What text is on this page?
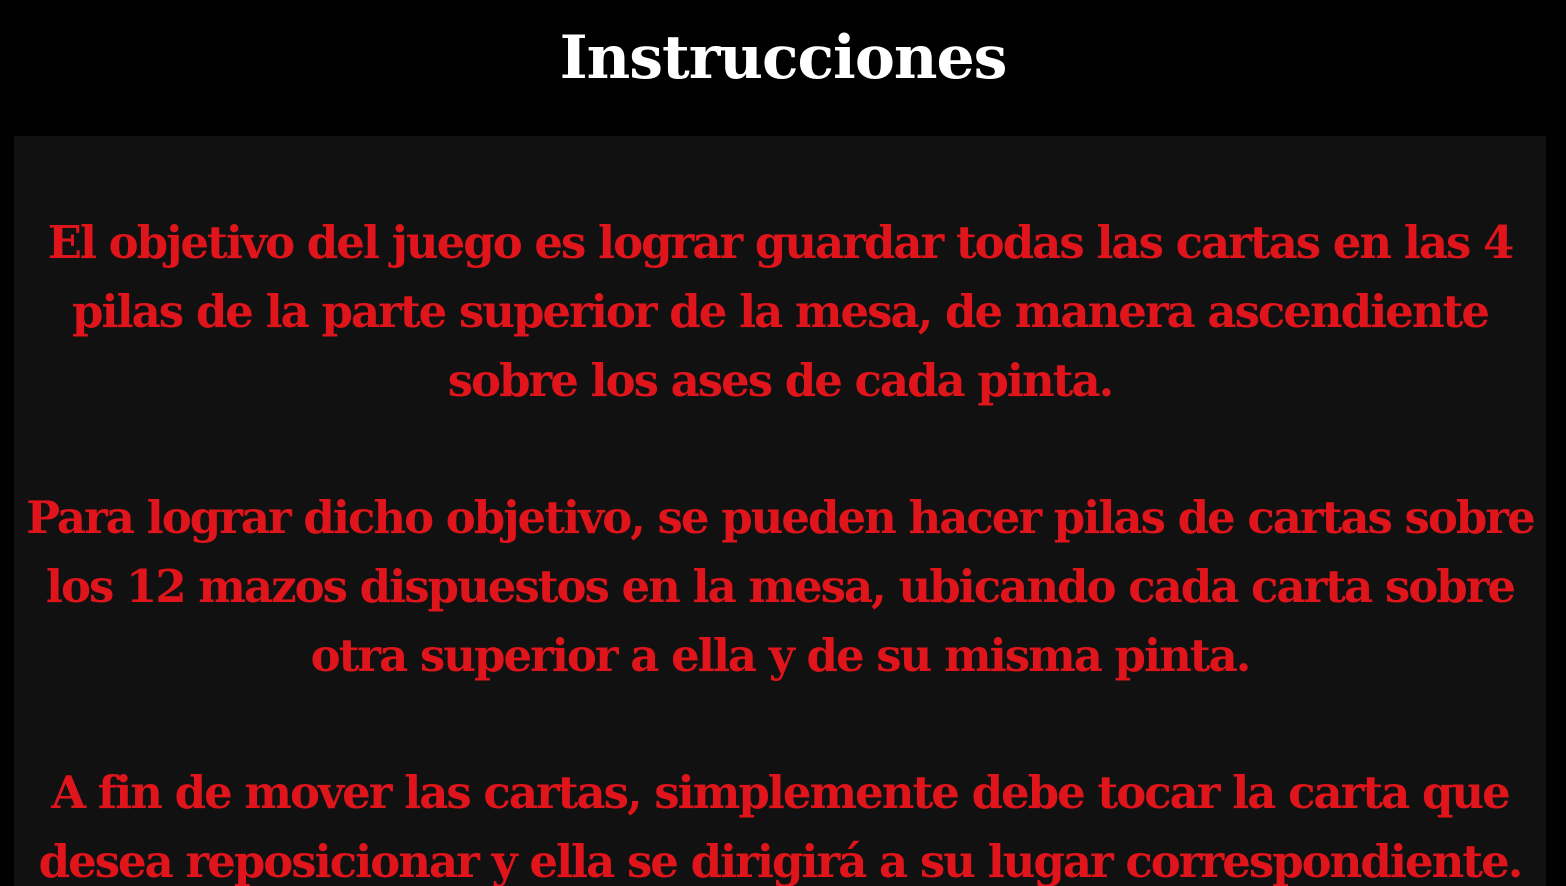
Instrucciones

El objetivo del juego es lograr guardar todas las cartas en las 4 pilas de la parte superior de la mesa, de manera ascendiente sobre los ases de cada pinta.

Para lograr dicho objetivo, se pueden hacer pilas de cartas sobre los 12 mazos dispuestos en la mesa, ubicando cada carta sobre otra superior a ella y de su misma pinta.

A fin de mover las cartas, simplemente debe tocar la carta que desea reposicionar y ella se dirigirá a su lugar correspondiente.
